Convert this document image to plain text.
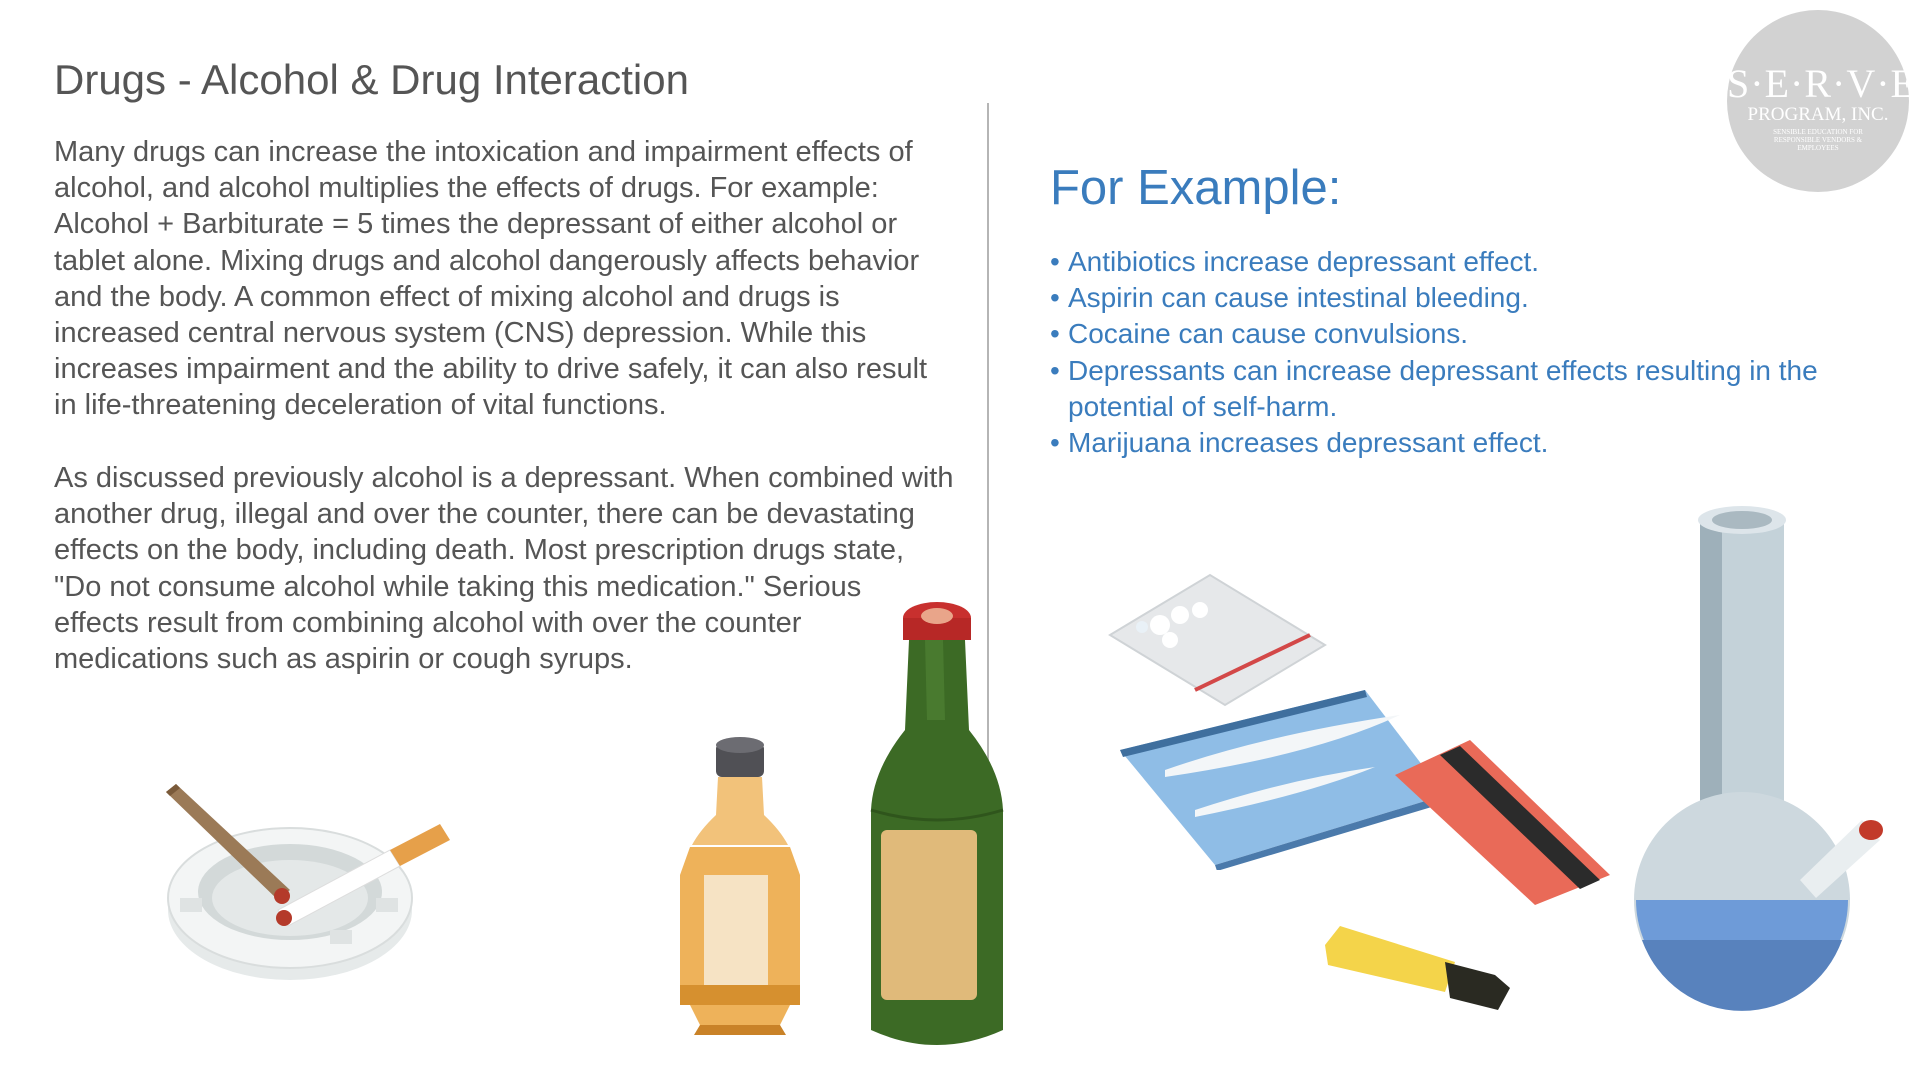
Drugs - Alcohol & Drug Interaction

Many drugs can increase the intoxication and impairment effects of alcohol, and alcohol multiplies the effects of drugs. For example: Alcohol + Barbiturate = 5 times the depressant of either alcohol or tablet alone. Mixing drugs and alcohol dangerously affects behavior and the body. A common effect of mixing alcohol and drugs is increased central nervous system (CNS) depression. While this increases impairment and the ability to drive safely, it can also result in life-threatening deceleration of vital functions.

As discussed previously alcohol is a depressant. When combined with another drug, illegal and over the counter, there can be devastating effects on the body, including death. Most prescription drugs state, "Do not consume alcohol while taking this medication." Serious effects result from combining alcohol with over the counter medications such as aspirin or cough syrups.

For Example:
• Antibiotics increase depressant effect.
• Aspirin can cause intestinal bleeding.
• Cocaine can cause convulsions.
• Depressants can increase depressant effects resulting in the potential of self-harm.
• Marijuana increases depressant effect.
S·E·R·V·E
PROGRAM, INC.
SENSIBLE EDUCATION FOR RESPONSIBLE VENDORS & EMPLOYEES
